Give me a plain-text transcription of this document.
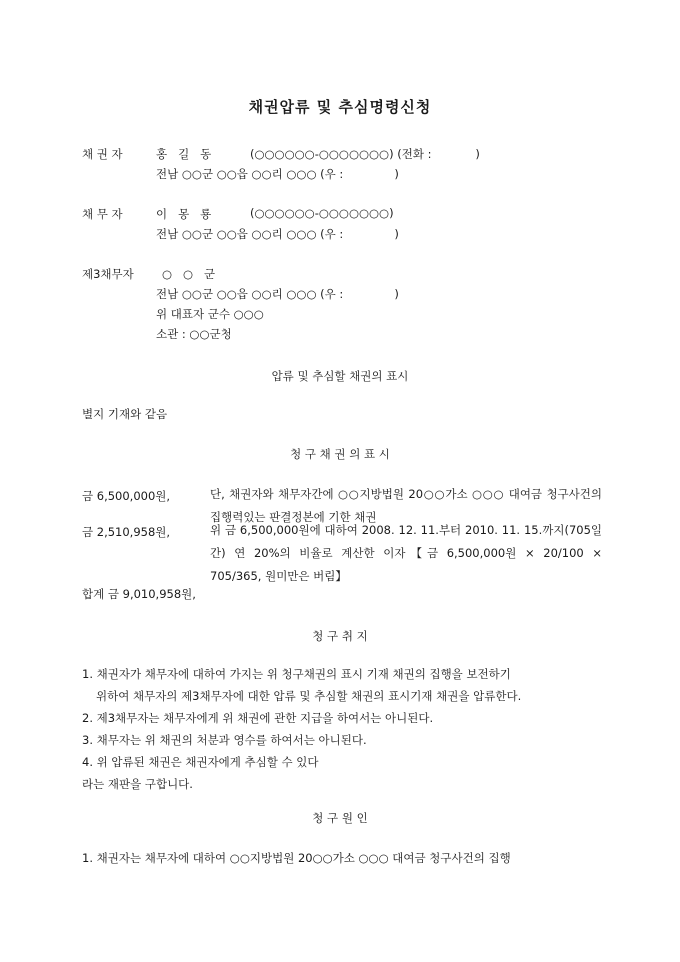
채권압류 및 추심명령신청
채 권 자	홍   길   동	(○○○○○○-○○○○○○○) (전화 :            )
전남 ○○군 ○○읍 ○○리 ○○○ (우 :              )
채 무 자	이   몽   룡	(○○○○○○-○○○○○○○)
전남 ○○군 ○○읍 ○○리 ○○○ (우 :              )
제3채무자 ○   ○   군
전남 ○○군 ○○읍 ○○리 ○○○ (우 :              )
위 대표자 군수 ○○○
소관 : ○○군청
압류 및 추심할 채권의 표시
별지 기재와 같음
청 구 채 권 의 표 시
금 6,500,000원,	단, 채권자와 채무자간에 ○○지방법원 20○○가소 ○○○ 대여금 청구사건의 집행력있는 판결정본에 기한 채권
금 2,510,958원,	위 금 6,500,000원에 대하여 2008. 12. 11.부터 2010. 11. 15.까지(705일간) 연 20%의 비율로 계산한 이자【금 6,500,000원 × 20/100 × 705/365, 원미만은 버림】
합계 금 9,010,958원,
청 구 취 지
1. 채권자가 채무자에 대하여 가지는 위 청구채권의 표시 기재 채권의 집행을 보전하기
위하여 채무자의 제3채무자에 대한 압류 및 추심할 채권의 표시기재 채권을 압류한다.
2. 제3채무자는 채무자에게 위 채권에 관한 지급을 하여서는 아니된다.
3. 채무자는 위 채권의 처분과 영수를 하여서는 아니된다.
4. 위 압류된 채권은 채권자에게 추심할 수 있다
라는 재판을 구합니다.
청 구 원 인
1. 채권자는 채무자에 대하여 ○○지방법원 20○○가소 ○○○ 대여금 청구사건의 집행
